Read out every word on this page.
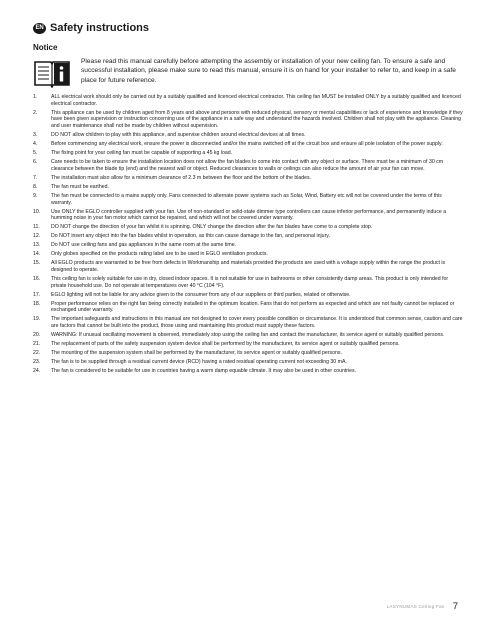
EN Safety instructions
Notice
Please read this manual carefully before attempting the assembly or installation of your new ceiling fan. To ensure a safe and successful installation, please make sure to read this manual, ensure it is on hand for your installer to refer to, and keep in a safe place for future reference.
1.	ALL electrical work should only be carried out by a suitably qualified and licenced electrical contractor. This ceiling fan MUST be installed ONLY by a suitably qualified and licenced electrical contractor.
2.	This appliance can be used by children aged from 8 years and above and persons with reduced physical, sensory or mental capabilities or lack of experience and knowledge if they have been given supervision or instruction concerning use of the appliance in a safe way and understand the hazards involved. Children shall not play with the appliance. Cleaning and user maintenance shall not be made by children without supervision.
3.	DO NOT allow children to play with this appliance, and supervise children around electrical devices at all times.
4.	Before commencing any electrical work, ensure the power is disconnected and/or the mains switched off at the circuit box and ensure all pole isolation of the power supply.
5.	The fixing point for your ceiling fan must be capable of supporting a 45 kg load.
6.	Care needs to be taken to ensure the installation location does not allow the fan blades to come into contact with any object or surface. There must be a minimum of 30 cm clearance between the blade tip (end) and the nearest wall or object. Reduced clearances to walls or ceilings can also reduce the amount of air your fan can move.
7.	The installation must also allow for a minimum clearance of 2.3 m between the floor and the bottom of the blades.
8.	The fan must be earthed.
9.	The fan must be connected to a mains supply only. Fans connected to alternate power systems such as Solar, Wind, Battery etc will not be covered under the terms of this warranty.
10.	Use ONLY the EGLO controller supplied with your fan. Use of non-standard or solid-state dimmer type controllers can cause inferior performance, and permanently induce a humming noise in your fan motor which cannot be repaired, and which will not be covered under warranty.
11.	DO NOT change the direction of your fan whilst it is spinning. ONLY change the direction after the fan blades have come to a complete stop.
12.	Do NOT insert any object into the fan blades whilst in operation, as this can cause damage to the fan, and personal injury.
13.	Do NOT use ceiling fans and gas appliances in the same room at the same time.
14.	Only globes specified on the products rating label are to be used in EGLO ventilation products.
15.	All EGLO products are warranted to be free from defects in Workmanship and materials provided the products are used with a voltage supply within the range the product is designed to operate.
16.	This ceiling fan is solely suitable for use in dry, closed indoor spaces. It is not suitable for use in bathrooms or other consistently damp areas. This product is only intended for private household use. Do not operate at temperatures over 40 °C (104 °F).
17.	EGLO lighting will not be liable for any advice given to the consumer from any of our suppliers or third parties, related or otherwise.
18.	Proper performance relies on the right fan being correctly installed in the optimum location. Fans that do not perform as expected and which are not faulty cannot be replaced or exchanged under warranty.
19.	The important safeguards and instructions in this manual are not designed to cover every possible condition or circumstance. It is understood that common sense, caution and care are factors that cannot be built into the product, those using and maintaining this product must supply these factors.
20.	WARNING: If unusual oscillating movement is observed, immediately stop using the ceiling fan and contact the manufacturer, its service agent or suitably qualified persons.
21.	The replacement of parts of the safety suspension system device shall be performed by the manufacturer, its service agent or suitably qualified persons.
22.	The mounting of the suspension system shall be performed by the manufacturer, its service agent or suitably qualified persons.
23.	The fan is to be supplied through a residual current device (RCD) having a rated residual operating current not exceeding 30 mA.
24.	The fan is considered to be suitable for use in countries having a warm damp equable climate. It may also be used in other countries.
LASYNUMAS Ceiling Fan 7
